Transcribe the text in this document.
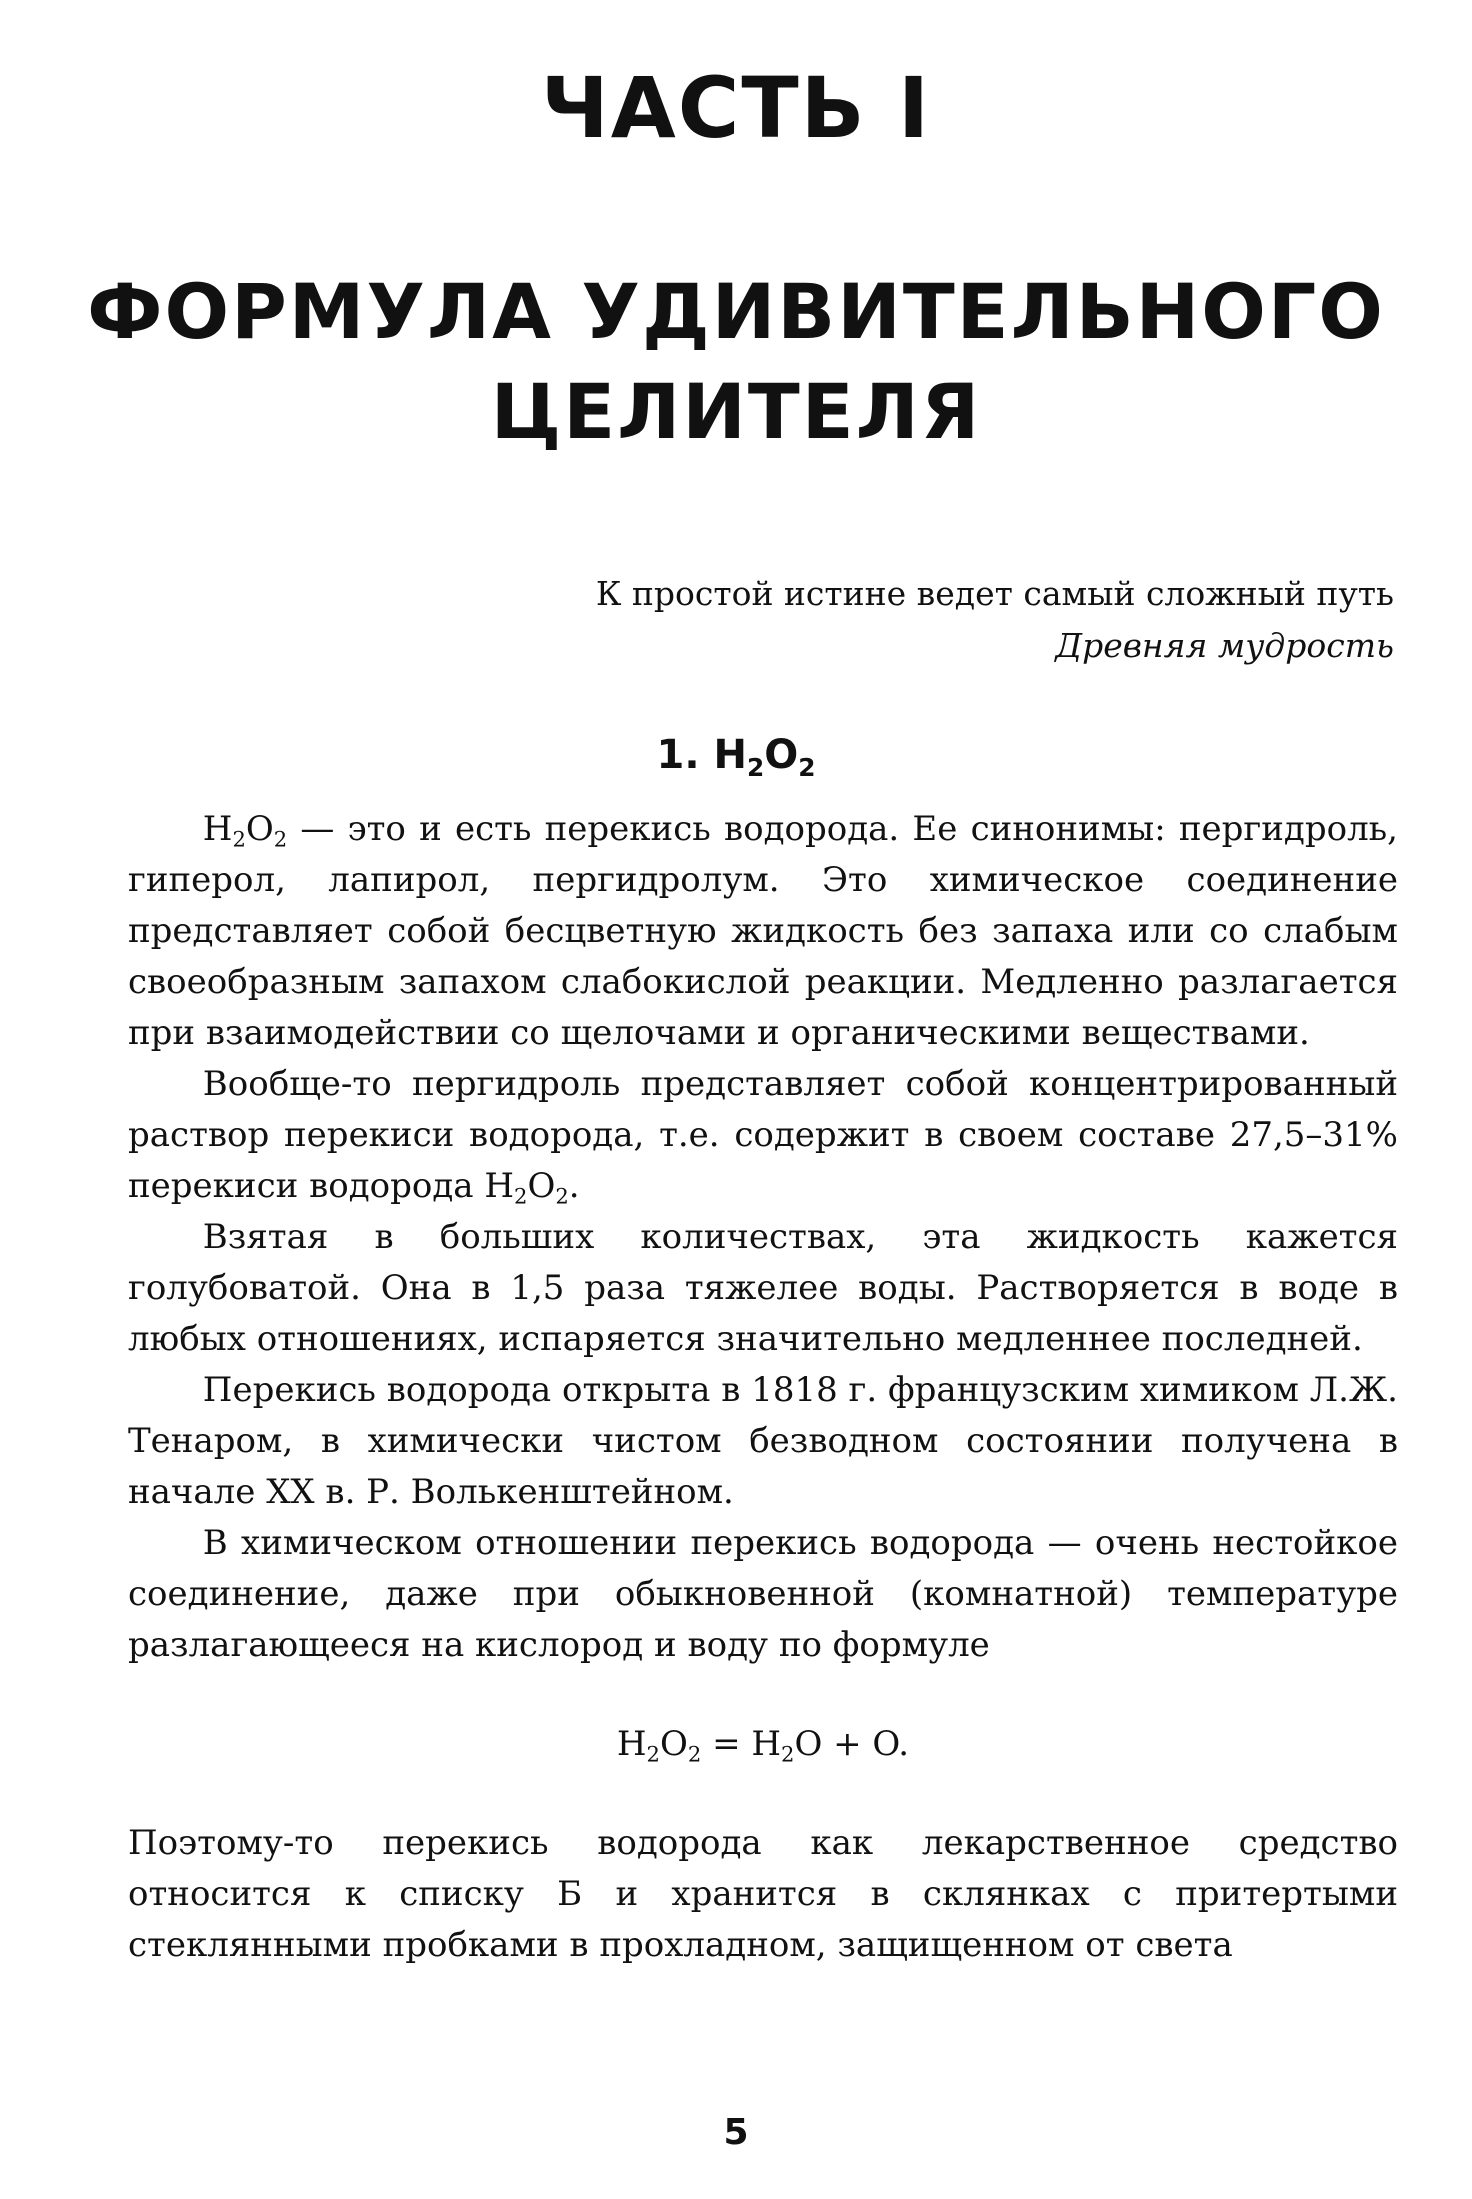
ЧАСТЬ I
ФОРМУЛА УДИВИТЕЛЬНОГО
ЦЕЛИТЕЛЯ
К простой истине ведет самый сложный путь
Древняя мудрость
1. $H_2O_2$

$H_2O_2$ — это и есть перекись водорода. Ее синонимы: пергидроль, гиперол, лапирол, пергидролум. Это химическое соединение представляет собой бесцветную жидкость без запаха или со слабым своеобразным запахом слабокислой реакции. Медленно разлагается при взаимодействии со щелочами и органическими веществами.

Вообще-то пергидроль представляет собой концентрированный раствор перекиси водорода, т.е. содержит в своем составе 27,5–31% перекиси водорода $H_2O_2$.

Взятая в больших количествах, эта жидкость кажется голубоватой. Она в 1,5 раза тяжелее воды. Растворяется в воде в любых отношениях, испаряется значительно медленнее последней.

Перекись водорода открыта в 1818 г. французским химиком Л.Ж. Тенаром, в химически чистом безводном состоянии получена в начале XX в. Р. Волькенштейном.

В химическом отношении перекись водорода — очень нестойкое соединение, даже при обыкновенной (комнатной) температуре разлагающееся на кислород и воду по формуле

$H_2O_2 = H_2O + O$.

Поэтому-то перекись водорода как лекарственное средство относится к списку Б и хранится в склянках с притертыми стеклянными пробками в прохладном, защищенном от света

5
